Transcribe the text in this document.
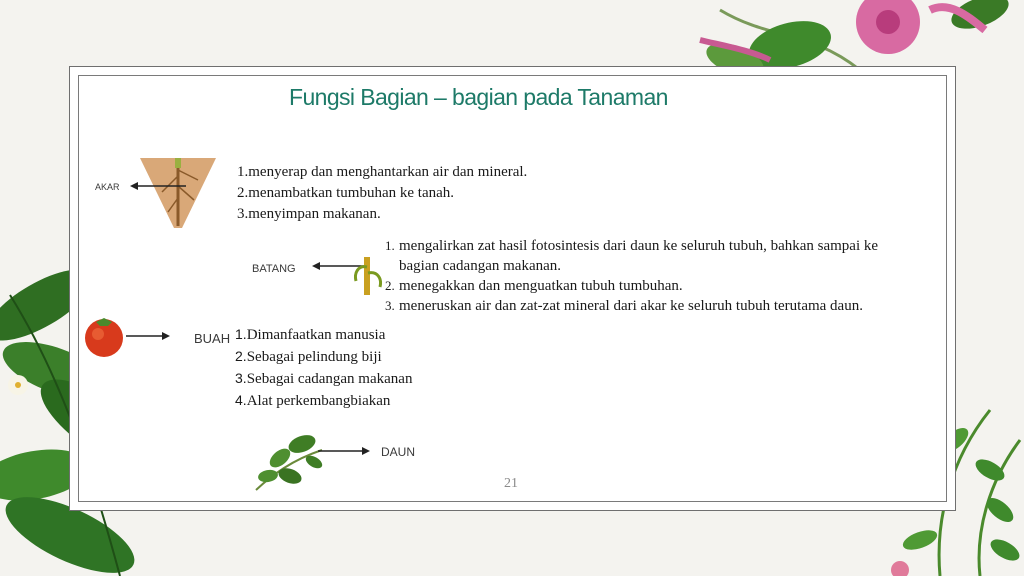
Fungsi Bagian – bagian pada Tanaman
AKAR
1.menyerap dan menghantarkan air dan mineral.
2.menambatkan tumbuhan ke tanah.
3.menyimpan makanan.
BATANG
1. mengalirkan zat hasil fotosintesis dari daun ke seluruh tubuh, bahkan sampai ke
bagian cadangan makanan.
2. menegakkan dan menguatkan tubuh tumbuhan.
3. meneruskan air dan zat-zat mineral dari akar ke seluruh tubuh terutama daun.
BUAH 1.Dimanfaatkan manusia
2.Sebagai pelindung biji
3.Sebagai cadangan makanan
4.Alat perkembangbiakan
DAUN
21
